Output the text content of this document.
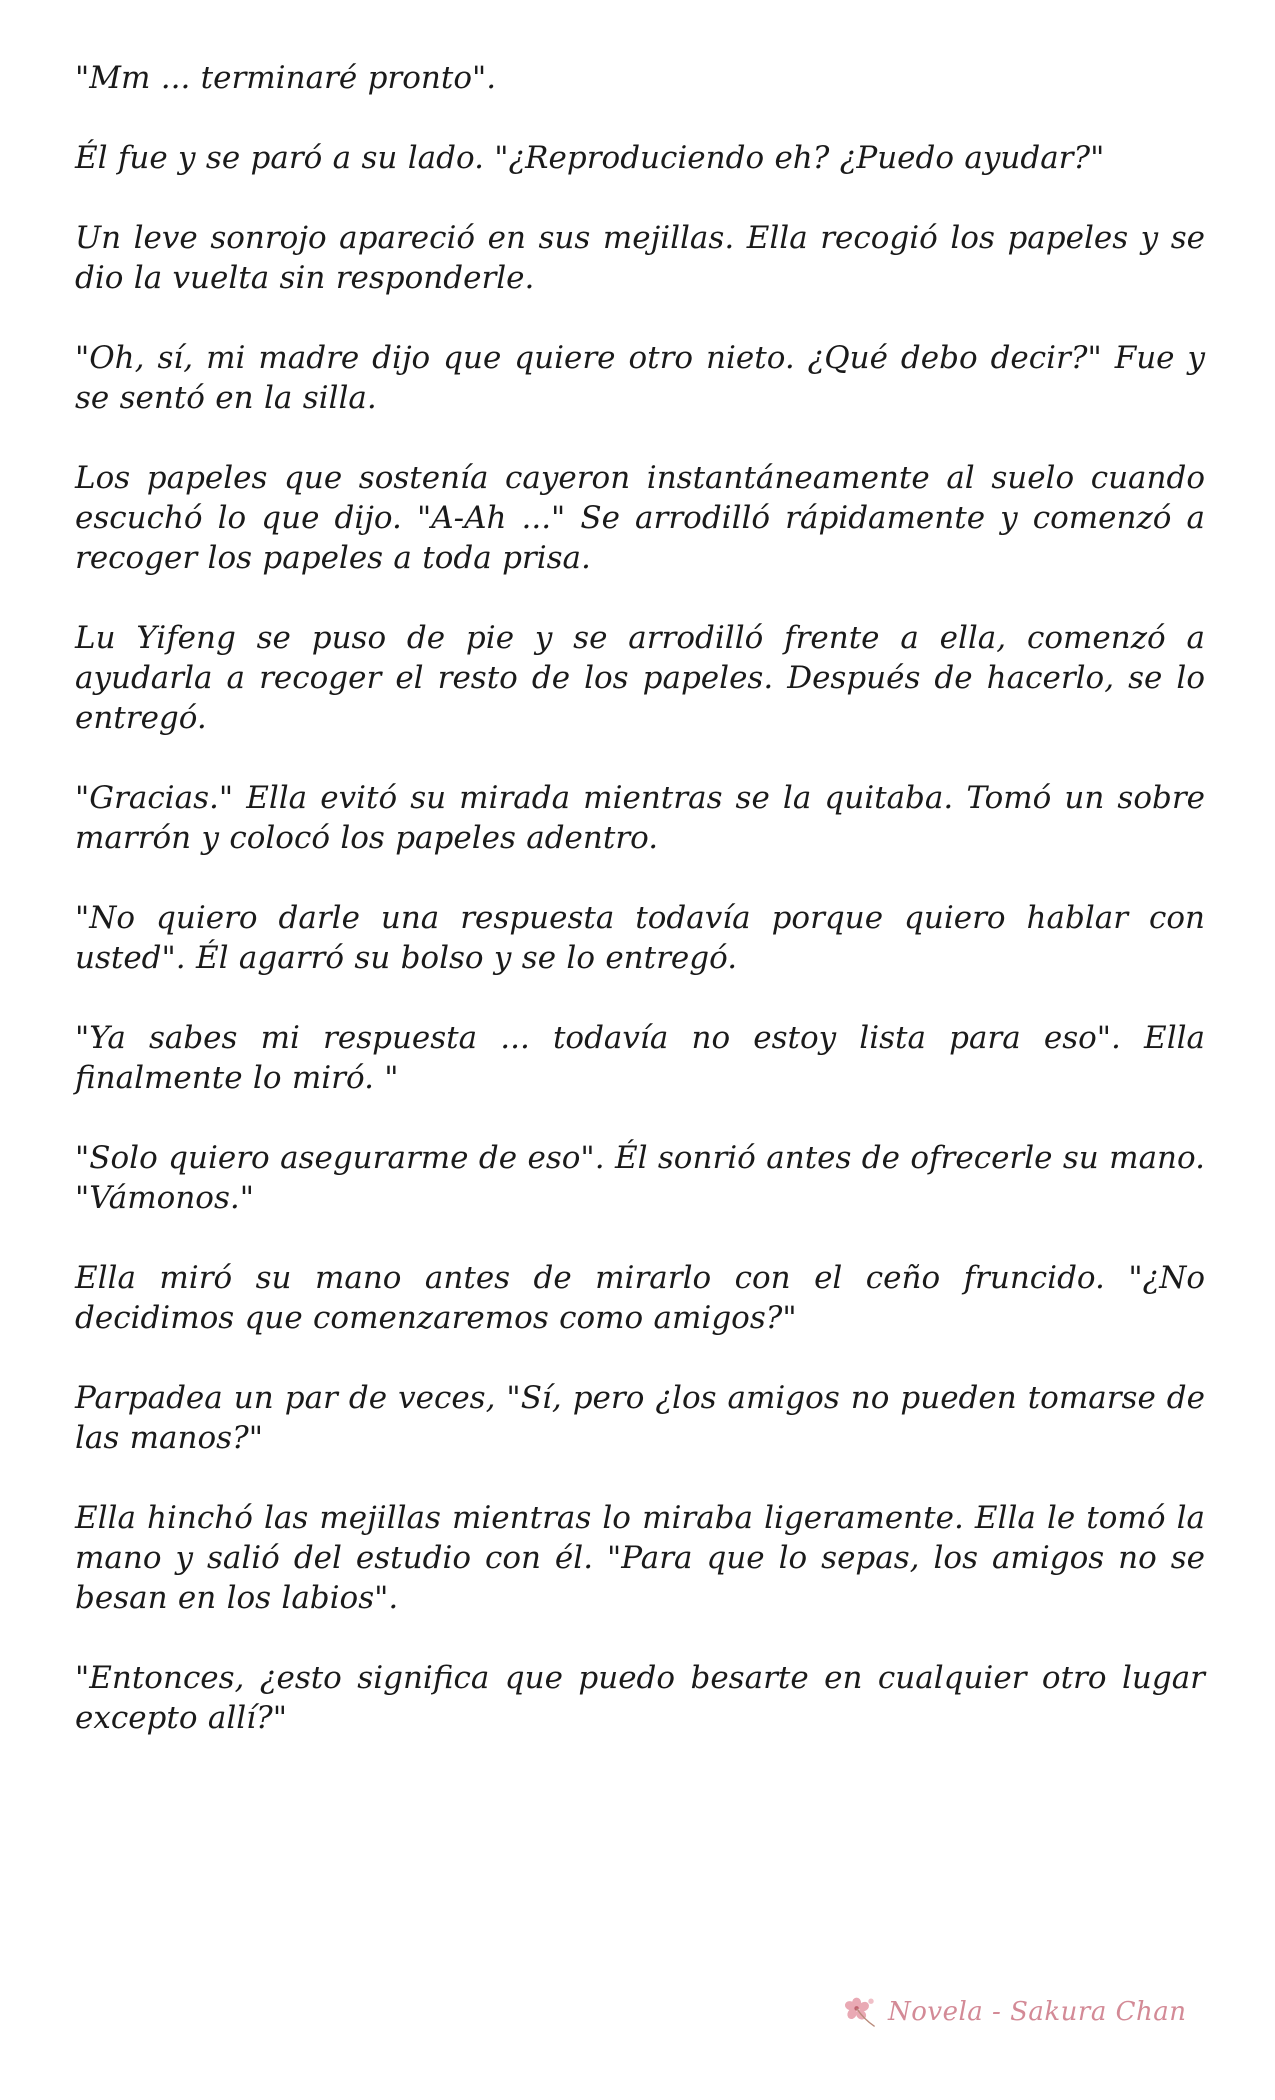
"Mm ... terminaré pronto".

Él fue y se paró a su lado. "¿Reproduciendo eh? ¿Puedo ayudar?"

Un leve sonrojo apareció en sus mejillas. Ella recogió los papeles y se dio la vuelta sin responderle.

"Oh, sí, mi madre dijo que quiere otro nieto. ¿Qué debo decir?" Fue y se sentó en la silla.

Los papeles que sostenía cayeron instantáneamente al suelo cuando escuchó lo que dijo. "A-Ah ..." Se arrodilló rápidamente y comenzó a recoger los papeles a toda prisa.

Lu Yifeng se puso de pie y se arrodilló frente a ella, comenzó a ayudarla a recoger el resto de los papeles. Después de hacerlo, se lo entregó.

"Gracias." Ella evitó su mirada mientras se la quitaba. Tomó un sobre marrón y colocó los papeles adentro.

"No quiero darle una respuesta todavía porque quiero hablar con usted". Él agarró su bolso y se lo entregó.

"Ya sabes mi respuesta ... todavía no estoy lista para eso". Ella finalmente lo miró. "

"Solo quiero asegurarme de eso". Él sonrió antes de ofrecerle su mano. "Vámonos."

Ella miró su mano antes de mirarlo con el ceño fruncido. "¿No decidimos que comenzaremos como amigos?"

Parpadea un par de veces, "Sí, pero ¿los amigos no pueden tomarse de las manos?"

Ella hinchó las mejillas mientras lo miraba ligeramente. Ella le tomó la mano y salió del estudio con él. "Para que lo sepas, los amigos no se besan en los labios".

"Entonces, ¿esto significa que puedo besarte en cualquier otro lugar excepto allí?"

Novela - Sakura Chan
